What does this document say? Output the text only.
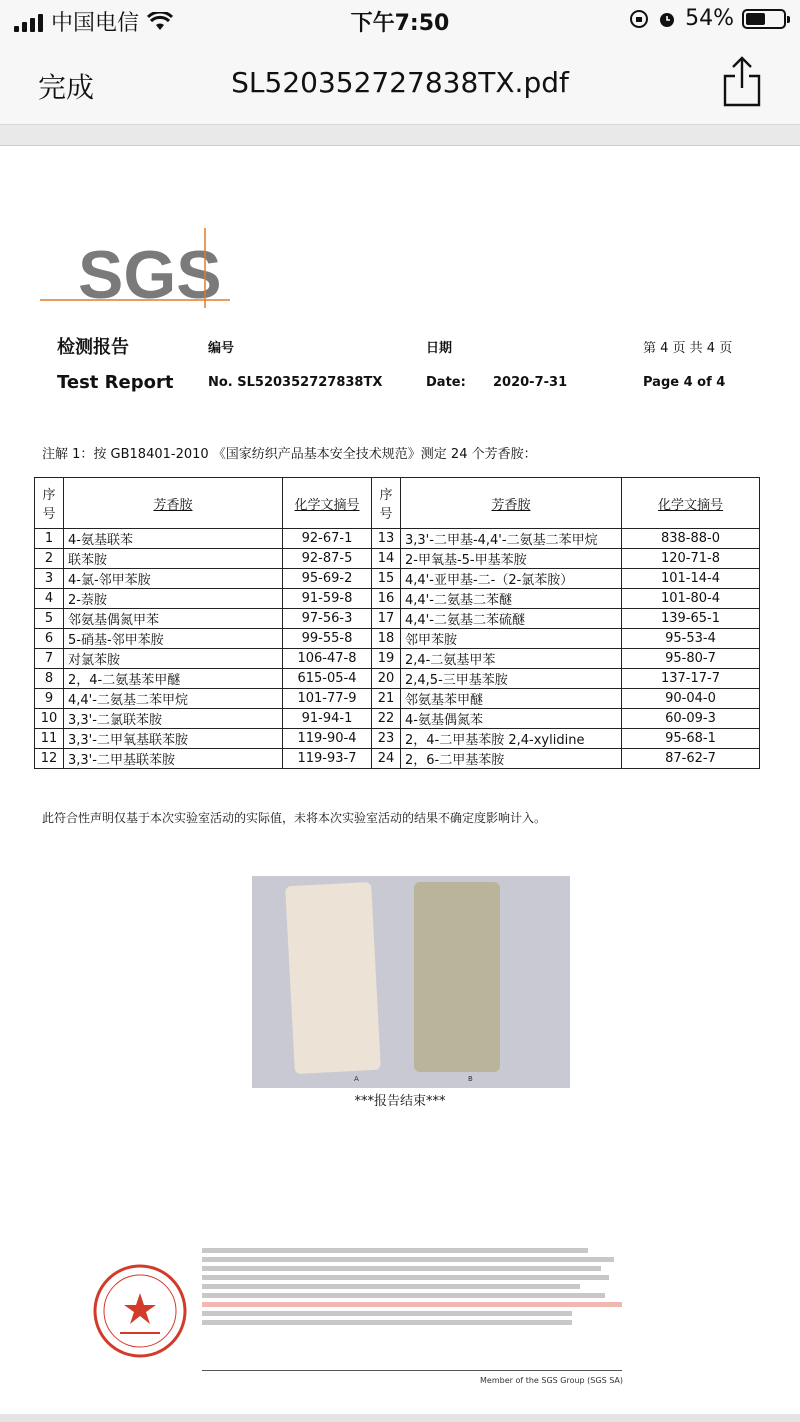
中国电信	下午7:50	54%
完成	SL520352727838TX.pdf
SGS
检测报告
Test Report
编号
No. SL520352727838TX
日期
Date: 2020-7-31
第 4 页 共 4 页
Page 4 of 4
注解 1：按 GB18401-2010 《国家纺织产品基本安全技术规范》测定 24 个芳香胺：
序号	芳香胺	化学文摘号	序号	芳香胺	化学文摘号
1	4-氨基联苯	92-67-1	13	3,3'-二甲基-4,4'-二氨基二苯甲烷	838-88-0
2	联苯胺	92-87-5	14	2-甲氧基-5-甲基苯胺	120-71-8
3	4-氯-邻甲苯胺	95-69-2	15	4,4'-亚甲基-二-（2-氯苯胺）	101-14-4
4	2-萘胺	91-59-8	16	4,4'-二氨基二苯醚	101-80-4
5	邻氨基偶氮甲苯	97-56-3	17	4,4'-二氨基二苯硫醚	139-65-1
6	5-硝基-邻甲苯胺	99-55-8	18	邻甲苯胺	95-53-4
7	对氯苯胺	106-47-8	19	2,4-二氨基甲苯	95-80-7
8	2，4-二氨基苯甲醚	615-05-4	20	2,4,5-三甲基苯胺	137-17-7
9	4,4'-二氨基二苯甲烷	101-77-9	21	邻氨基苯甲醚	90-04-0
10	3,3'-二氯联苯胺	91-94-1	22	4-氨基偶氮苯	60-09-3
11	3,3'-二甲氧基联苯胺	119-90-4	23	2，4-二甲基苯胺 2,4-xylidine	95-68-1
12	3,3'-二甲基联苯胺	119-93-7	24	2，6-二甲基苯胺	87-62-7
此符合性声明仅基于本次实验室活动的实际值，未将本次实验室活动的结果不确定度影响计入。
A	B
***报告结束***
Member of the SGS Group (SGS SA)
